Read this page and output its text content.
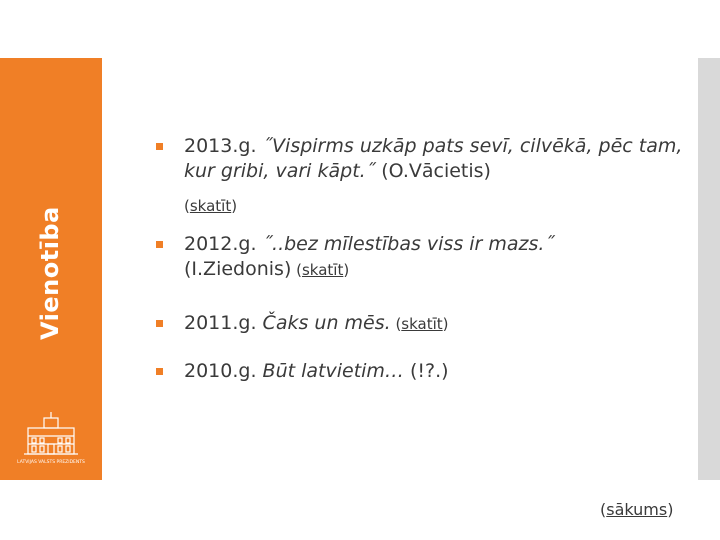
Vienotība
LATVIJAS VALSTS PREZIDENTS
2013.g. ˝Vispirms uzkāp pats sevī, cilvēkā, pēc tam, kur gribi, vari kāpt.˝ (O.Vācietis)
(skatīt)
2012.g. ˝..bez mīlestības viss ir mazs.˝
(I.Ziedonis) (skatīt)
2011.g. Čaks un mēs. (skatīt)
2010.g. Būt latvietim… (!?.)
(sākums)
